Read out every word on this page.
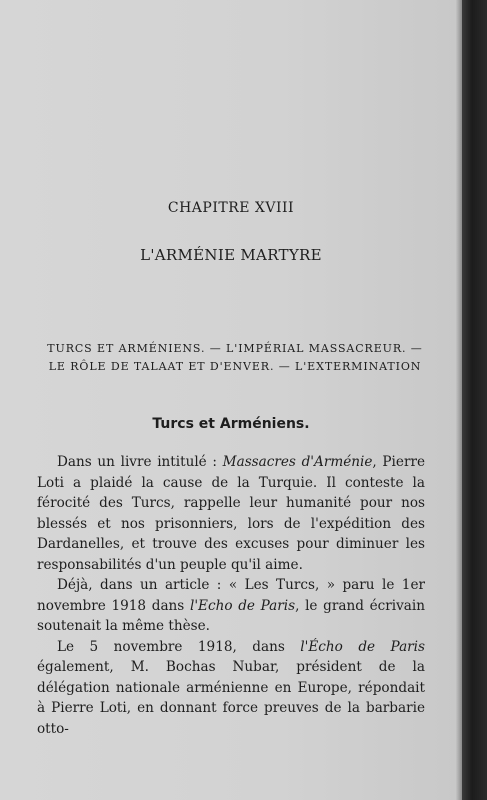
CHAPITRE XVIII
L'ARMÉNIE MARTYRE
TURCS ET ARMÉNIENS. — L'IMPÉRIAL MASSACREUR. —
LE RÔLE DE TALAAT ET D'ENVER. — L'EXTERMINATION
Turcs et Arméniens.

Dans un livre intitulé : Massacres d'Arménie, Pierre Loti a plaidé la cause de la Turquie. Il conteste la férocité des Turcs, rappelle leur humanité pour nos blessés et nos prisonniers, lors de l'expédition des Dardanelles, et trouve des excuses pour diminuer les responsabilités d'un peuple qu'il aime.

Déjà, dans un article : « Les Turcs, » paru le 1er novembre 1918 dans l'Echo de Paris, le grand écrivain soutenait la même thèse.

Le 5 novembre 1918, dans l'Écho de Paris également, M. Bochas Nubar, président de la délégation nationale arménienne en Europe, répondait à Pierre Loti, en donnant force preuves de la barbarie otto-
